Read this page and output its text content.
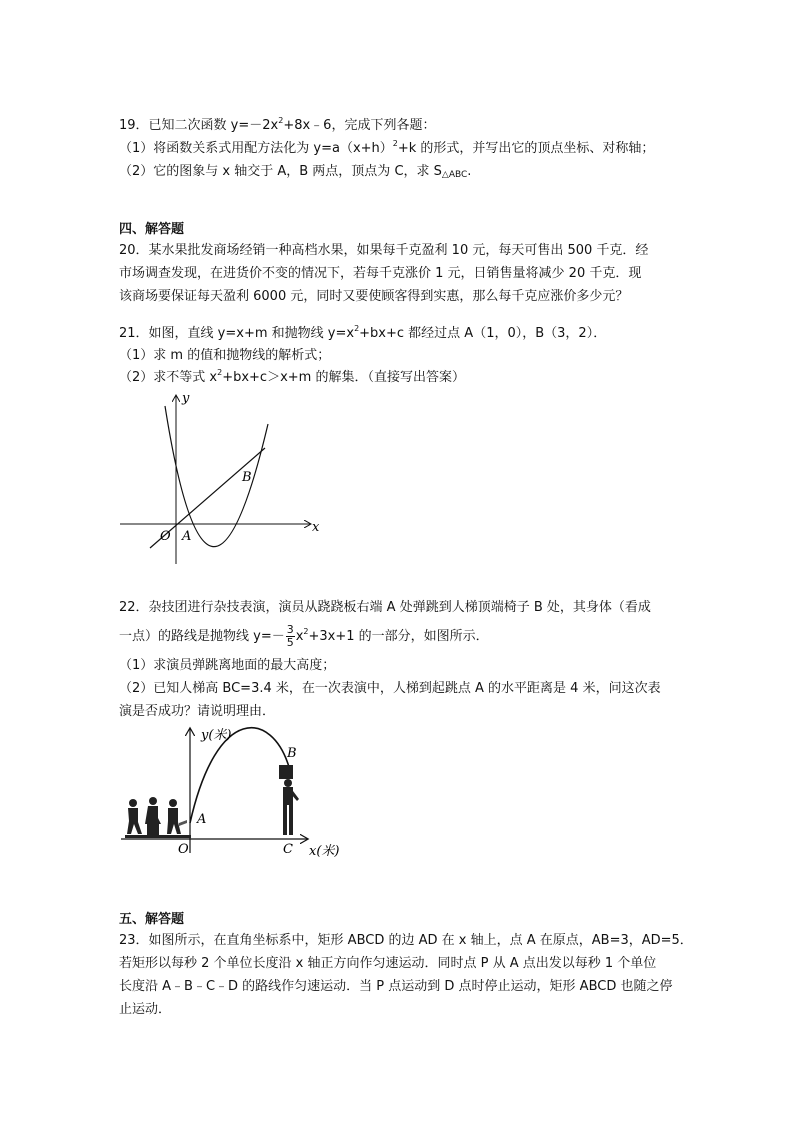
19．已知二次函数 $y=-2x^2+8x﹣6$，完成下列各题：
（1）将函数关系式用配方法化为 $y=a(x+h)^2+k$ 的形式，并写出它的顶点坐标、对称轴；
（2）它的图象与 x 轴交于 A，B 两点，顶点为 C，求 $S_{\triangle ABC}$.
四、解答题
20．某水果批发商场经销一种高档水果，如果每千克盈利 10 元，每天可售出 500 千克．经
市场调查发现，在进货价不变的情况下，若每千克涨价 1 元，日销售量将减少 20 千克．现
该商场要保证每天盈利 6000 元，同时又要使顾客得到实惠，那么每千克应涨价多少元？
21．如图，直线 y=x+m 和抛物线 $y=x^2+bx+c$ 都经过点 A（1，0），B（3，2）．
（1）求 m 的值和抛物线的解析式；
（2）求不等式 $x^2+bx+c>x+m$ 的解集．（直接写出答案）
y
x
O A
B
22．杂技团进行杂技表演，演员从跷跷板右端 A 处弹跳到人梯顶端椅子 B 处，其身体（看成
一点）的路线是抛物线 $y=- \frac{3}{5} x^2+3x+1$ 的一部分，如图所示．
（1）求演员弹跳离地面的最大高度；
（2）已知人梯高 BC=3.4 米，在一次表演中，人梯到起跳点 A 的水平距离是 4 米，问这次表
演是否成功？请说明理由．
y(米)
x(米)
O
A
B
C
五、解答题
23．如图所示，在直角坐标系中，矩形 ABCD 的边 AD 在 x 轴上，点 A 在原点，AB=3，AD=5．
若矩形以每秒 2 个单位长度沿 x 轴正方向作匀速运动．同时点 P 从 A 点出发以每秒 1 个单位
长度沿 A﹣B﹣C﹣D 的路线作匀速运动．当 P 点运动到 D 点时停止运动，矩形 ABCD 也随之停
止运动．
